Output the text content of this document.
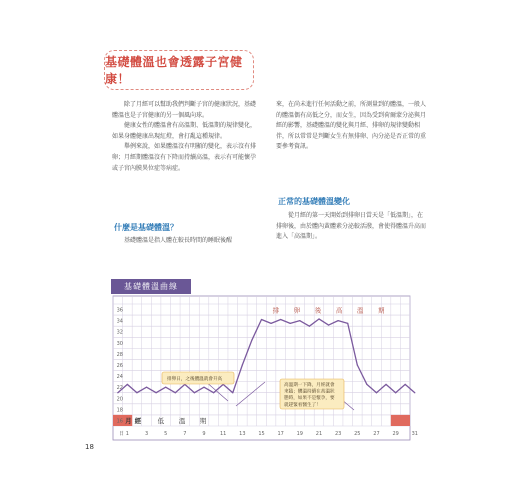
基礎體溫也會透露子宮健康！

除了月經可以幫助我們判斷子宮的健康狀況，基礎體溫也是子宮健康的另一個風向球。

健康女性的體溫會有高溫期、低溫期的規律變化，如果身體健康出現紅燈，會打亂這種規律。

舉例來說，如果體溫沒有明顯的變化，表示沒有排卵；月經期體溫沒有下降而持續高溫，表示有可能懷孕或子宮內膜異位症等病症。

什麼是基礎體溫？

基礎體溫是指人體在較長時間的睡眠後醒

來，在尚未進行任何活動之前，所測量到的體溫，一般人的體溫偶有高低之分，而女生，因為受到荷爾蒙分泌與月經的影響，基礎體溫的變化與月經、排卵的規律變動相伴，所以常常是判斷女生有無排卵、內分泌是否正常的重要參考資訊。

正常的基礎體溫變化

從月經的第一天開始到排卵日當天是「低溫期」，在排卵後，由於體內黃體素分泌較活潑，會使得體溫升高而進入「高溫期」。

基礎體溫曲線
16
18
20
22
24
26
28
30
32
34
36
日 1	3	5	7	9	11	13	15	17	19	21	23	25	27	29	31
月 經	低 溫 期
排 卵 後 高 溫 期
排卵日，之後體溫就會升高
高溫期一下降，月經就會
來臨；體溫持續在高溫狀
態時，如果不是懷孕，要
就趕緊看醫生了！
18
